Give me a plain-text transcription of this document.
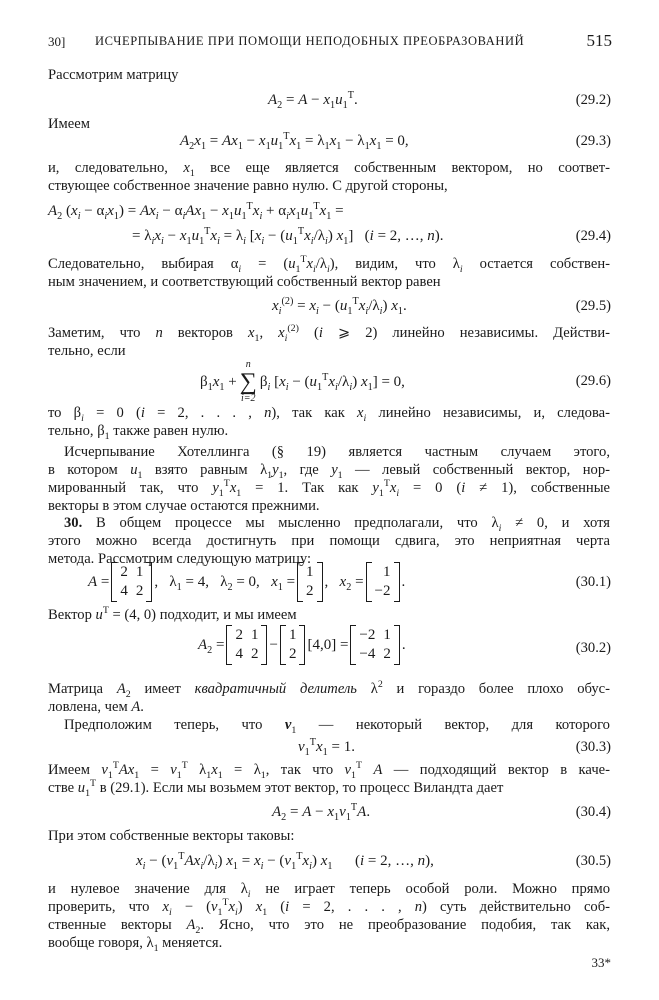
30] ИСЧЕРПЫВАНИЕ ПРИ ПОМОЩИ НЕПОДОБНЫХ ПРЕОБРАЗОВАНИЙ	515
Рассмотрим матрицу
$A_2 = A - x_1u_1^T$.	(29.2)
Имеем
$A_2x_1 = Ax_1 - x_1u_1^Tx_1 = \lambda_1x_1 - \lambda_1x_1 = 0$,	(29.3)
и, следовательно, $x_1$ все еще является собственным вектором, но соответ-
ствующее собственное значение равно нулю. С другой стороны,
$A_2$ $(x_i - \alpha_ix_1) = Ax_i - \alpha_iAx_1 - x_1u_1^Tx_i + \alpha_ix_1u_1^Tx_1$ =
= $\lambda_ix_i - x_1u_1^Tx_i = \lambda_i$ [$x_i - (u_1^Tx_i/\lambda_i)$ $x_1$]   (i = 2, …, n).	(29.4)
Следовательно, выбирая $\alpha_i = (u_1^Tx_i/\lambda_i)$, видим, что $\lambda_i$ остается собствен-
ным значением, и соответствующий собственный вектор равен
$x_i^{(2)} = x_i - (u_1^Tx_i/\lambda_i)$ $x_1$.	(29.5)
Заметим, что n векторов $x_1$, $x_i^{(2)}$ (i ⩾ 2) линейно независимы. Действи-
тельно, если
$\beta_1x_1$ +
n
∑
i=2
$\beta_i$ $[x_i - (u_1^Tx_i/\lambda_i) x_1] = 0$,	(29.6)
то $\beta_i = 0$ (i = 2, . . . , n), так как $x_i$ линейно независимы, и, следова-
тельно, $\beta_1$ также равен нулю.
Исчерпывание Хотеллинга (§ 19) является частным случаем этого,
в котором $u_1$ взято равным $\lambda_1y_1$, где $y_1$ — левый собственный вектор, нор-
мированный так, что $y_1^Tx_1 = 1$. Так как $y_1^Tx_i = 0$ (i ≠ 1), собственные
векторы в этом случае остаются прежними.
30. В общем процессе мы мысленно предполагали, что $\lambda_i \ne 0$, и хотя
этого можно всегда достигнуть при помощи сдвига, это неприятная черта
метода. Рассмотрим следующую матрицу:
A =
2	1
4	2
,   $\lambda_1 = 4$,   $\lambda_2 = 0$,   $x_1$ =
1
2
,   $x_2$ =
1
−2
.	(30.1)
Вектор $u^T = (4$, 0) подходит, и мы имеем
$A_2$ =
2	1
4	2
−
1
2
[4,0] =
−2	1
−4	2
.	(30.2)
Матрица $A_2$ имеет квадратичный делитель $\lambda^2$ и гораздо более плохо обус-
ловлена, чем A.
Предположим теперь, что $v_1$ — некоторый вектор, для которого
$v_1^Tx_1 = 1$.	(30.3)
Имеем $v_1^TAx_1 = v_1^T$ $\lambda_1x_1 = \lambda_1$, так что $v_1^T$ A — подходящий вектор в каче-
стве $u_1^T$ в (29.1). Если мы возьмем этот вектор, то процесс Виландта дает
$A_2 = A - x_1v_1^TA$.	(30.4)
При этом собственные векторы таковы:
$x_i - (v_1^TAx_i/\lambda_i) x_1 = x_i - (v_1^Tx_i)$ $x_1$      (i = 2, …, n),	(30.5)
и нулевое значение для $\lambda_i$ не играет теперь особой роли. Можно прямо
проверить, что $x_i - (v_1^Tx_i)$ $x_1$ (i = 2, . . . , n) суть действительно соб-
ственные векторы $A_2$. Ясно, что это не преобразование подобия, так как,
вообще говоря, $\lambda_1$ меняется.
33*
